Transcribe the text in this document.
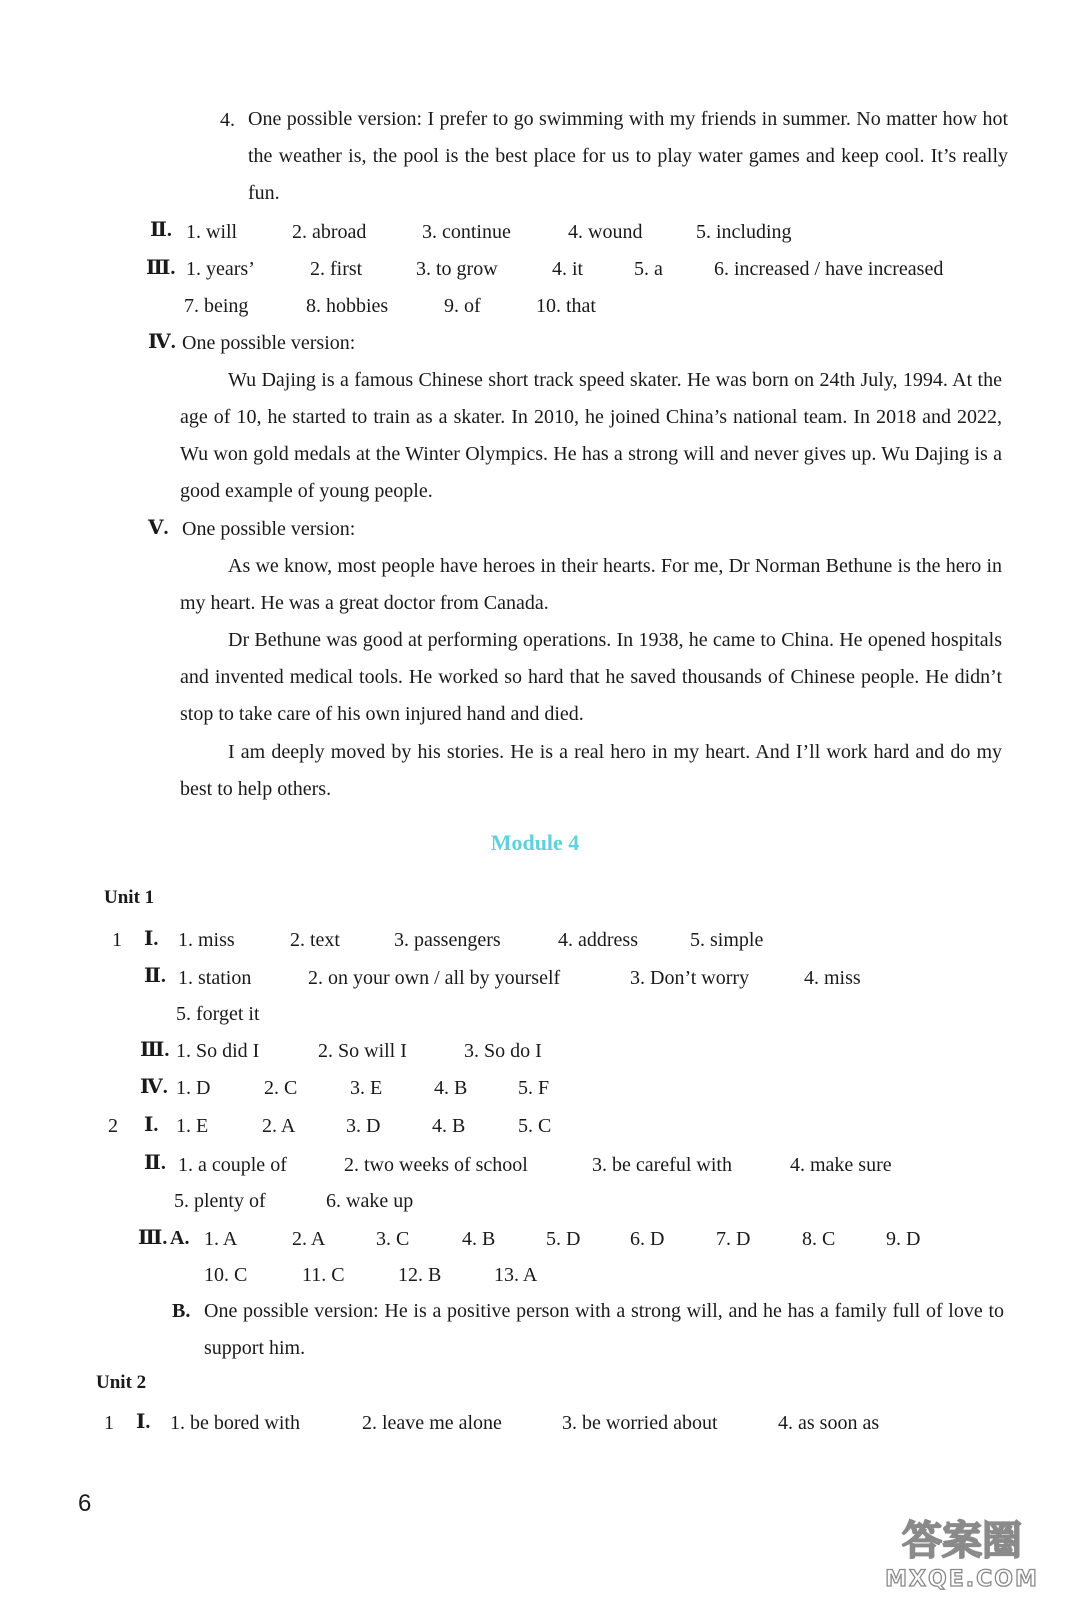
4. One possible version: I prefer to go swimming with my friends in summer. No matter how hot the weather is, the pool is the best place for us to play water games and keep cool. It’s really fun.
Ⅱ. 1. will	2. abroad	3. continue	4. wound	5. including
Ⅲ. 1. years’	2. first	3. to grow	4. it	5. a	6. increased / have increased
7. being	8. hobbies	9. of	10. that
Ⅳ. One possible version:
Wu Dajing is a famous Chinese short track speed skater. He was born on 24th July, 1994. At the age of 10, he started to train as a skater. In 2010, he joined China’s national team. In 2018 and 2022, Wu won gold medals at the Winter Olympics. He has a strong will and never gives up. Wu Dajing is a good example of young people.
Ⅴ. One possible version:
As we know, most people have heroes in their hearts. For me, Dr Norman Bethune is the hero in my heart. He was a great doctor from Canada.
Dr Bethune was good at performing operations. In 1938, he came to China. He opened hospitals and invented medical tools. He worked so hard that he saved thousands of Chinese people. He didn’t stop to take care of his own injured hand and died.
I am deeply moved by his stories. He is a real hero in my heart. And I’ll work hard and do my best to help others.
Module 4
Unit 1
1 Ⅰ. 1. miss	2. text	3. passengers	4. address	5. simple
Ⅱ. 1. station	2. on your own / all by yourself	3. Don’t worry	4. miss
5. forget it
Ⅲ. 1. So did I	2. So will I	3. So do I
Ⅳ. 1. D	2. C	3. E	4. B	5. F
2 Ⅰ. 1. E	2. A	3. D	4. B	5. C
Ⅱ. 1. a couple of	2. two weeks of school	3. be careful with	4. make sure
5. plenty of	6. wake up
Ⅲ. A. 1. A	2. A	3. C	4. B	5. D 6. D	7. D	8. C	9. D
10. C	11. C	12. B	13. A
B. One possible version: He is a positive person with a strong will, and he has a family full of love to support him.
Unit 2
1 Ⅰ. 1. be bored with	2. leave me alone	3. be worried about	4. as soon as
6
答案圈
MXQE.COM
